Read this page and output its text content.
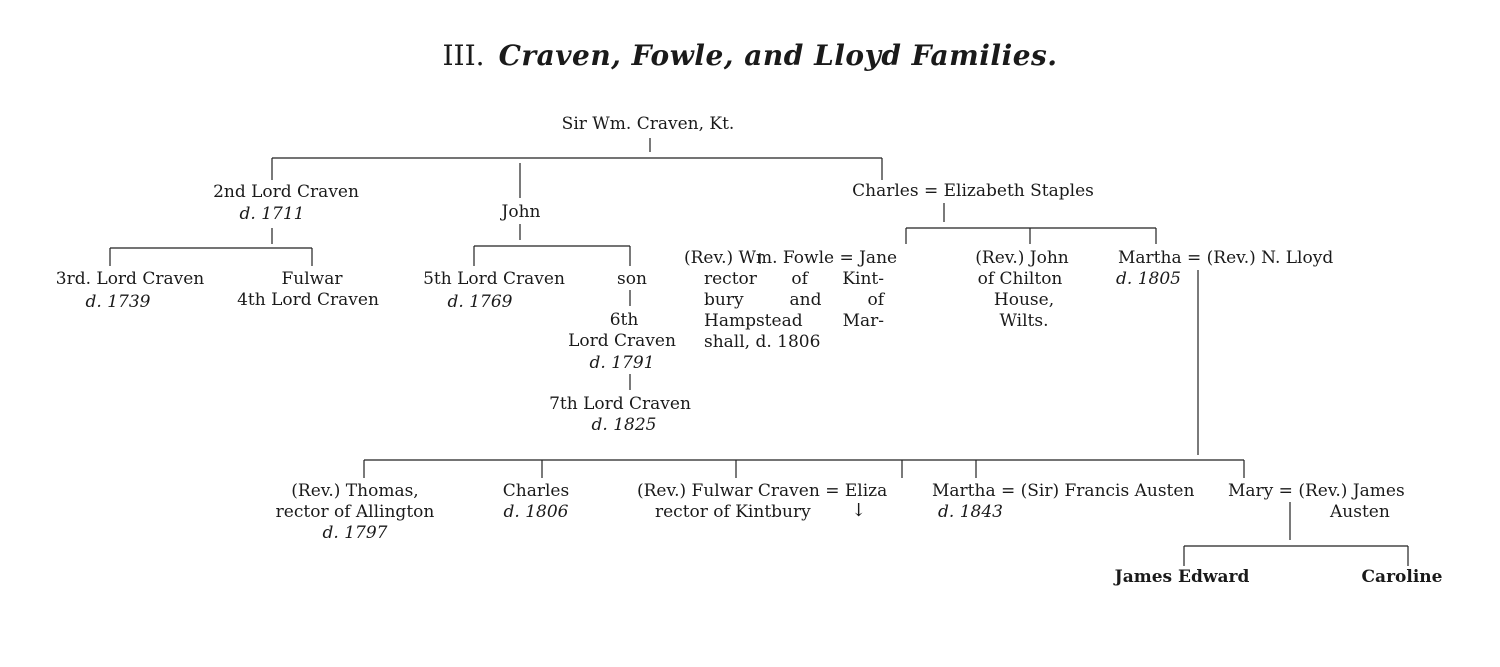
III. Craven, Fowle, and Lloyd Families.
Sir Wm. Craven, Kt.
2nd Lord Craven
d. 1711	John
Charles = Elizabeth Staples
3rd. Lord Craven
d. 1739
Fulwar
4th Lord Craven
5th Lord Craven
d. 1769
son
6th
Lord Craven
d. 1791
7th Lord Craven
d. 1825
(Rev.) Wm. Fowle = Jane
rector of Kint-
bury and of
Hampstead Mar-
shall, d. 1806
(Rev.) John
of Chilton
House,
Wilts.
Martha = (Rev.) N. Lloyd
d. 1805
(Rev.) Thomas,
rector of Allington
d. 1797
Charles
d. 1806
(Rev.) Fulwar Craven = Eliza
rector of Kintbury ↓
Martha = (Sir) Francis Austen
d. 1843
Mary = (Rev.) James
Austen
James Edward	Caroline
